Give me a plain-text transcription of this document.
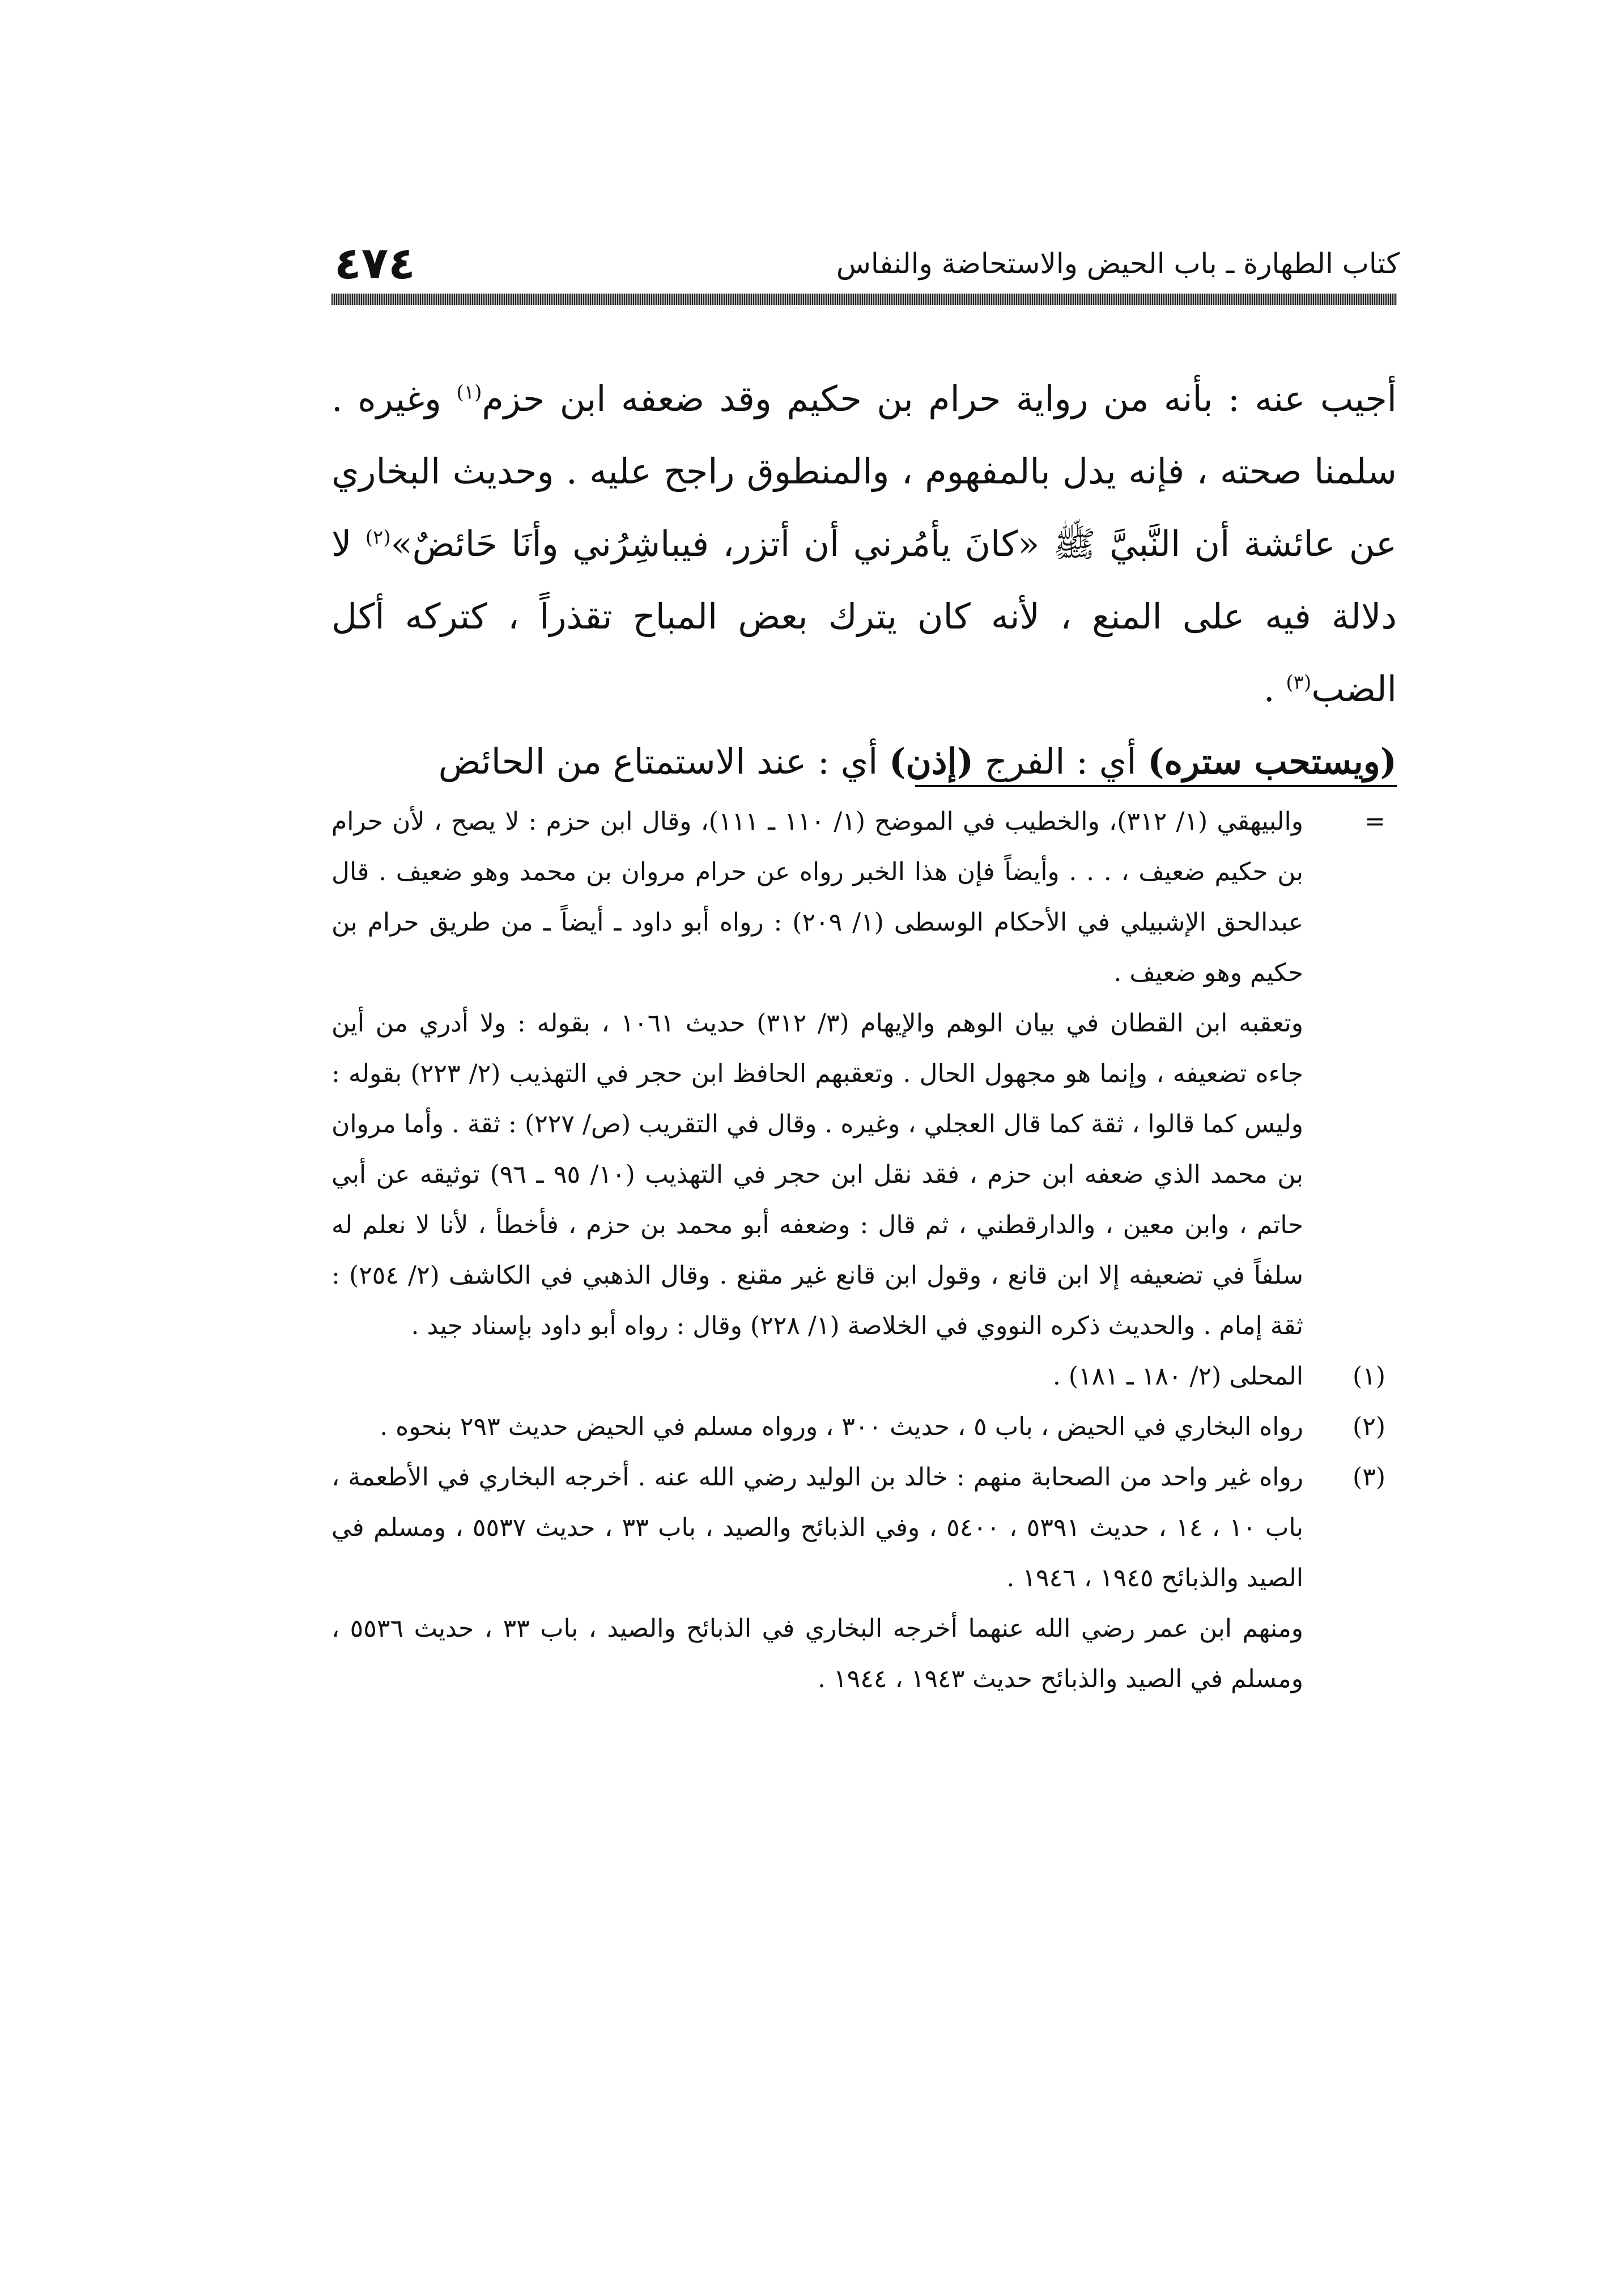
كتاب الطهارة ـ باب الحيض والاستحاضة والنفاس
٤٧٤

أجيب عنه : بأنه من رواية حرام بن حكيم وقد ضعفه ابن حزم$^{(١)}$ وغيره . سلمنا صحته ، فإنه يدل بالمفهوم ، والمنطوق راجح عليه . وحديث البخاري عن عائشة أن النَّبيَّ ﷺ «كانَ يأمُرني أن أتزر، فيباشِرُني وأنَا حَائضٌ»$^{(٢)}$ لا دلالة فيه على المنع ، لأنه كان يترك بعض المباح تقذراً ، كتركه أكل الضب$^{(٣)}$ .

(ويستحب ستره) أي : الفرج (إذن) أي : عند الاستمتاع من الحائض

=

والبيهقي (١/ ٣١٢)، والخطيب في الموضح (١/ ١١٠ ـ ١١١)، وقال ابن حزم : لا يصح ، لأن حرام بن حكيم ضعيف ، . . . وأيضاً فإن هذا الخبر رواه عن حرام مروان بن محمد وهو ضعيف . قال عبدالحق الإشبيلي في الأحكام الوسطى (١/ ٢٠٩) : رواه أبو داود ـ أيضاً ـ من طريق حرام بن حكيم وهو ضعيف .

وتعقبه ابن القطان في بيان الوهم والإيهام (٣/ ٣١٢) حديث ١٠٦١ ، بقوله : ولا أدري من أين جاءه تضعيفه ، وإنما هو مجهول الحال . وتعقبهم الحافظ ابن حجر في التهذيب (٢/ ٢٢٣) بقوله : وليس كما قالوا ، ثقة كما قال العجلي ، وغيره . وقال في التقريب (ص/ ٢٢٧) : ثقة . وأما مروان بن محمد الذي ضعفه ابن حزم ، فقد نقل ابن حجر في التهذيب (١٠/ ٩٥ ـ ٩٦) توثيقه عن أبي حاتم ، وابن معين ، والدارقطني ، ثم قال : وضعفه أبو محمد بن حزم ، فأخطأ ، لأنا لا نعلم له سلفاً في تضعيفه إلا ابن قانع ، وقول ابن قانع غير مقنع . وقال الذهبي في الكاشف (٢/ ٢٥٤) : ثقة إمام . والحديث ذكره النووي في الخلاصة (١/ ٢٢٨) وقال : رواه أبو داود بإسناد جيد .

(١)

المحلى (٢/ ١٨٠ ـ ١٨١) .

(٢)

رواه البخاري في الحيض ، باب ٥ ، حديث ٣٠٠ ، ورواه مسلم في الحيض حديث ٢٩٣ بنحوه .

(٣)

رواه غير واحد من الصحابة منهم : خالد بن الوليد رضي الله عنه . أخرجه البخاري في الأطعمة ، باب ١٠ ، ١٤ ، حديث ٥٣٩١ ، ٥٤٠٠ ، وفي الذبائح والصيد ، باب ٣٣ ، حديث ٥٥٣٧ ، ومسلم في الصيد والذبائح ١٩٤٥ ، ١٩٤٦ .

ومنهم ابن عمر رضي الله عنهما أخرجه البخاري في الذبائح والصيد ، باب ٣٣ ، حديث ٥٥٣٦ ، ومسلم في الصيد والذبائح حديث ١٩٤٣ ، ١٩٤٤ .
